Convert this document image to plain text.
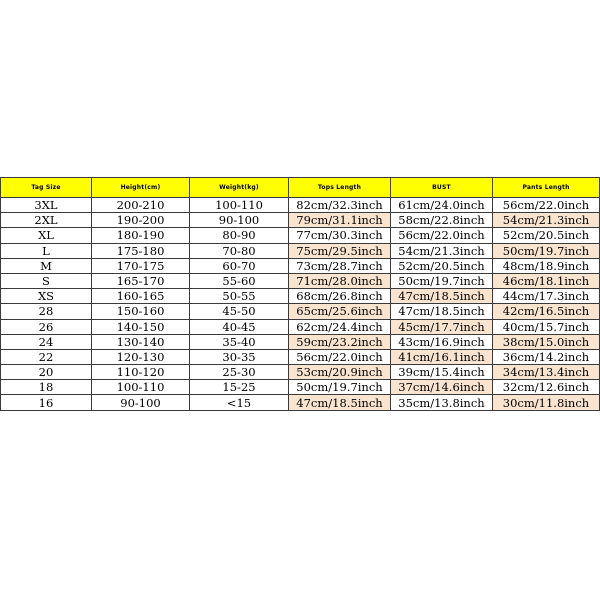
Tag Size	Height(cm)	Weight(kg)	Tops Length	BUST	Pants Length
3XL	200-210	100-110	82cm/32.3inch	61cm/24.0inch	56cm/22.0inch
2XL	190-200	90-100	79cm/31.1inch	58cm/22.8inch	54cm/21.3inch
XL	180-190	80-90	77cm/30.3inch	56cm/22.0inch	52cm/20.5inch
L	175-180	70-80	75cm/29.5inch	54cm/21.3inch	50cm/19.7inch
M	170-175	60-70	73cm/28.7inch	52cm/20.5inch	48cm/18.9inch
S	165-170	55-60	71cm/28.0inch	50cm/19.7inch	46cm/18.1inch
XS	160-165	50-55	68cm/26.8inch	47cm/18.5inch	44cm/17.3inch
28	150-160	45-50	65cm/25.6inch	47cm/18.5inch	42cm/16.5inch
26	140-150	40-45	62cm/24.4inch	45cm/17.7inch	40cm/15.7inch
24	130-140	35-40	59cm/23.2inch	43cm/16.9inch	38cm/15.0inch
22	120-130	30-35	56cm/22.0inch	41cm/16.1inch	36cm/14.2inch
20	110-120	25-30	53cm/20.9inch	39cm/15.4inch	34cm/13.4inch
18	100-110	15-25	50cm/19.7inch	37cm/14.6inch	32cm/12.6inch
16	90-100	<15	47cm/18.5inch	35cm/13.8inch	30cm/11.8inch
